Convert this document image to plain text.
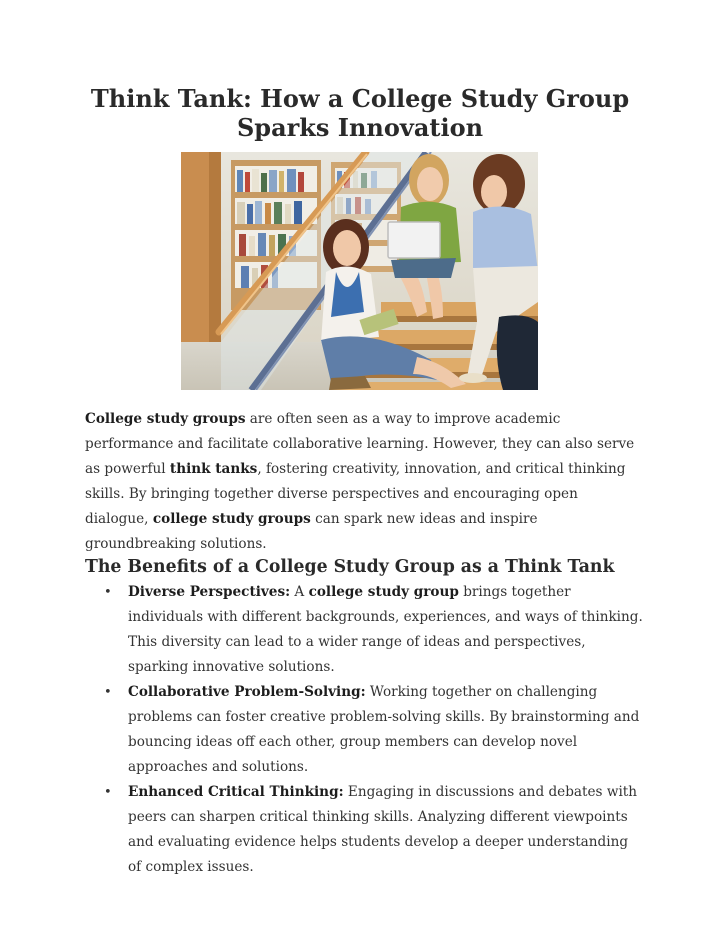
Think Tank: How a College Study Group Sparks Innovation

College study groups are often seen as a way to improve academic performance and facilitate collaborative learning. However, they can also serve as powerful think tanks, fostering creativity, innovation, and critical thinking skills. By bringing together diverse perspectives and encouraging open dialogue, college study groups can spark new ideas and inspire groundbreaking solutions.

The Benefits of a College Study Group as a Think Tank
• Diverse Perspectives: A college study group brings together individuals with different backgrounds, experiences, and ways of thinking. This diversity can lead to a wider range of ideas and perspectives, sparking innovative solutions.
• Collaborative Problem-Solving: Working together on challenging problems can foster creative problem-solving skills. By brainstorming and bouncing ideas off each other, group members can develop novel approaches and solutions.
• Enhanced Critical Thinking: Engaging in discussions and debates with peers can sharpen critical thinking skills. Analyzing different viewpoints and evaluating evidence helps students develop a deeper understanding of complex issues.
